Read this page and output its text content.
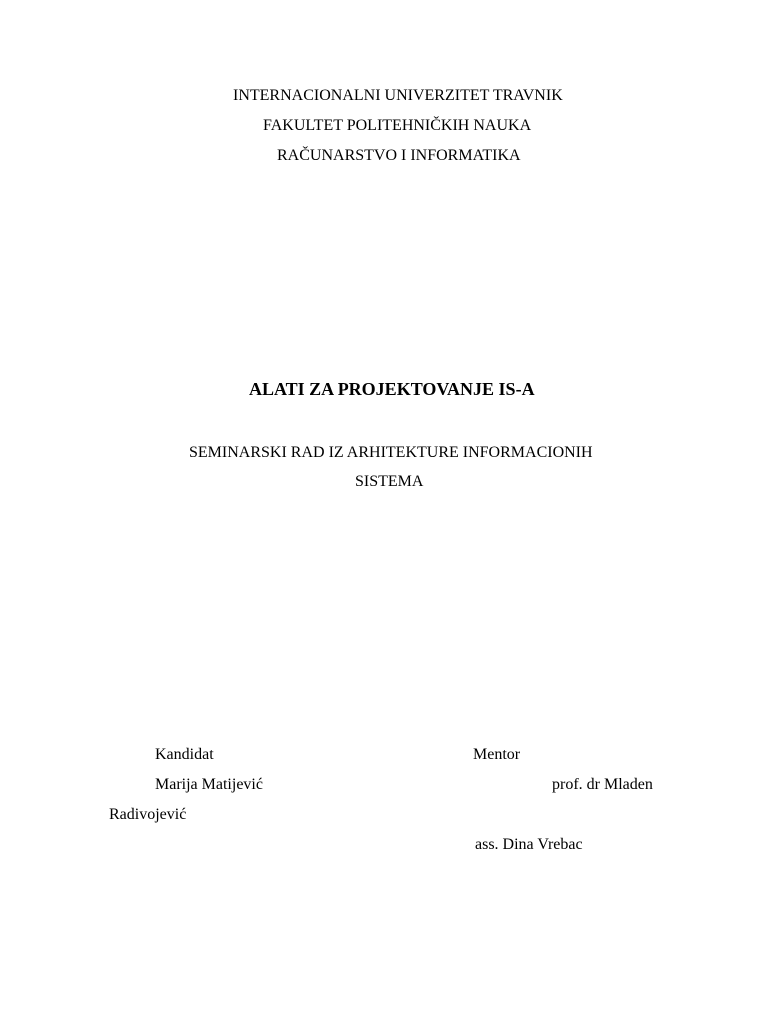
INTERNACIONALNI UNIVERZITET TRAVNIK
FAKULTET POLITEHNIČKIH NAUKA
RAČUNARSTVO I INFORMATIKA
ALATI ZA PROJEKTOVANJE IS-A
SEMINARSKI RAD IZ ARHITEKTURE INFORMACIONIH
SISTEMA
Kandidat	Mentor
Marija Matijević	prof. dr Mladen
Radivojević
ass. Dina Vrebac
